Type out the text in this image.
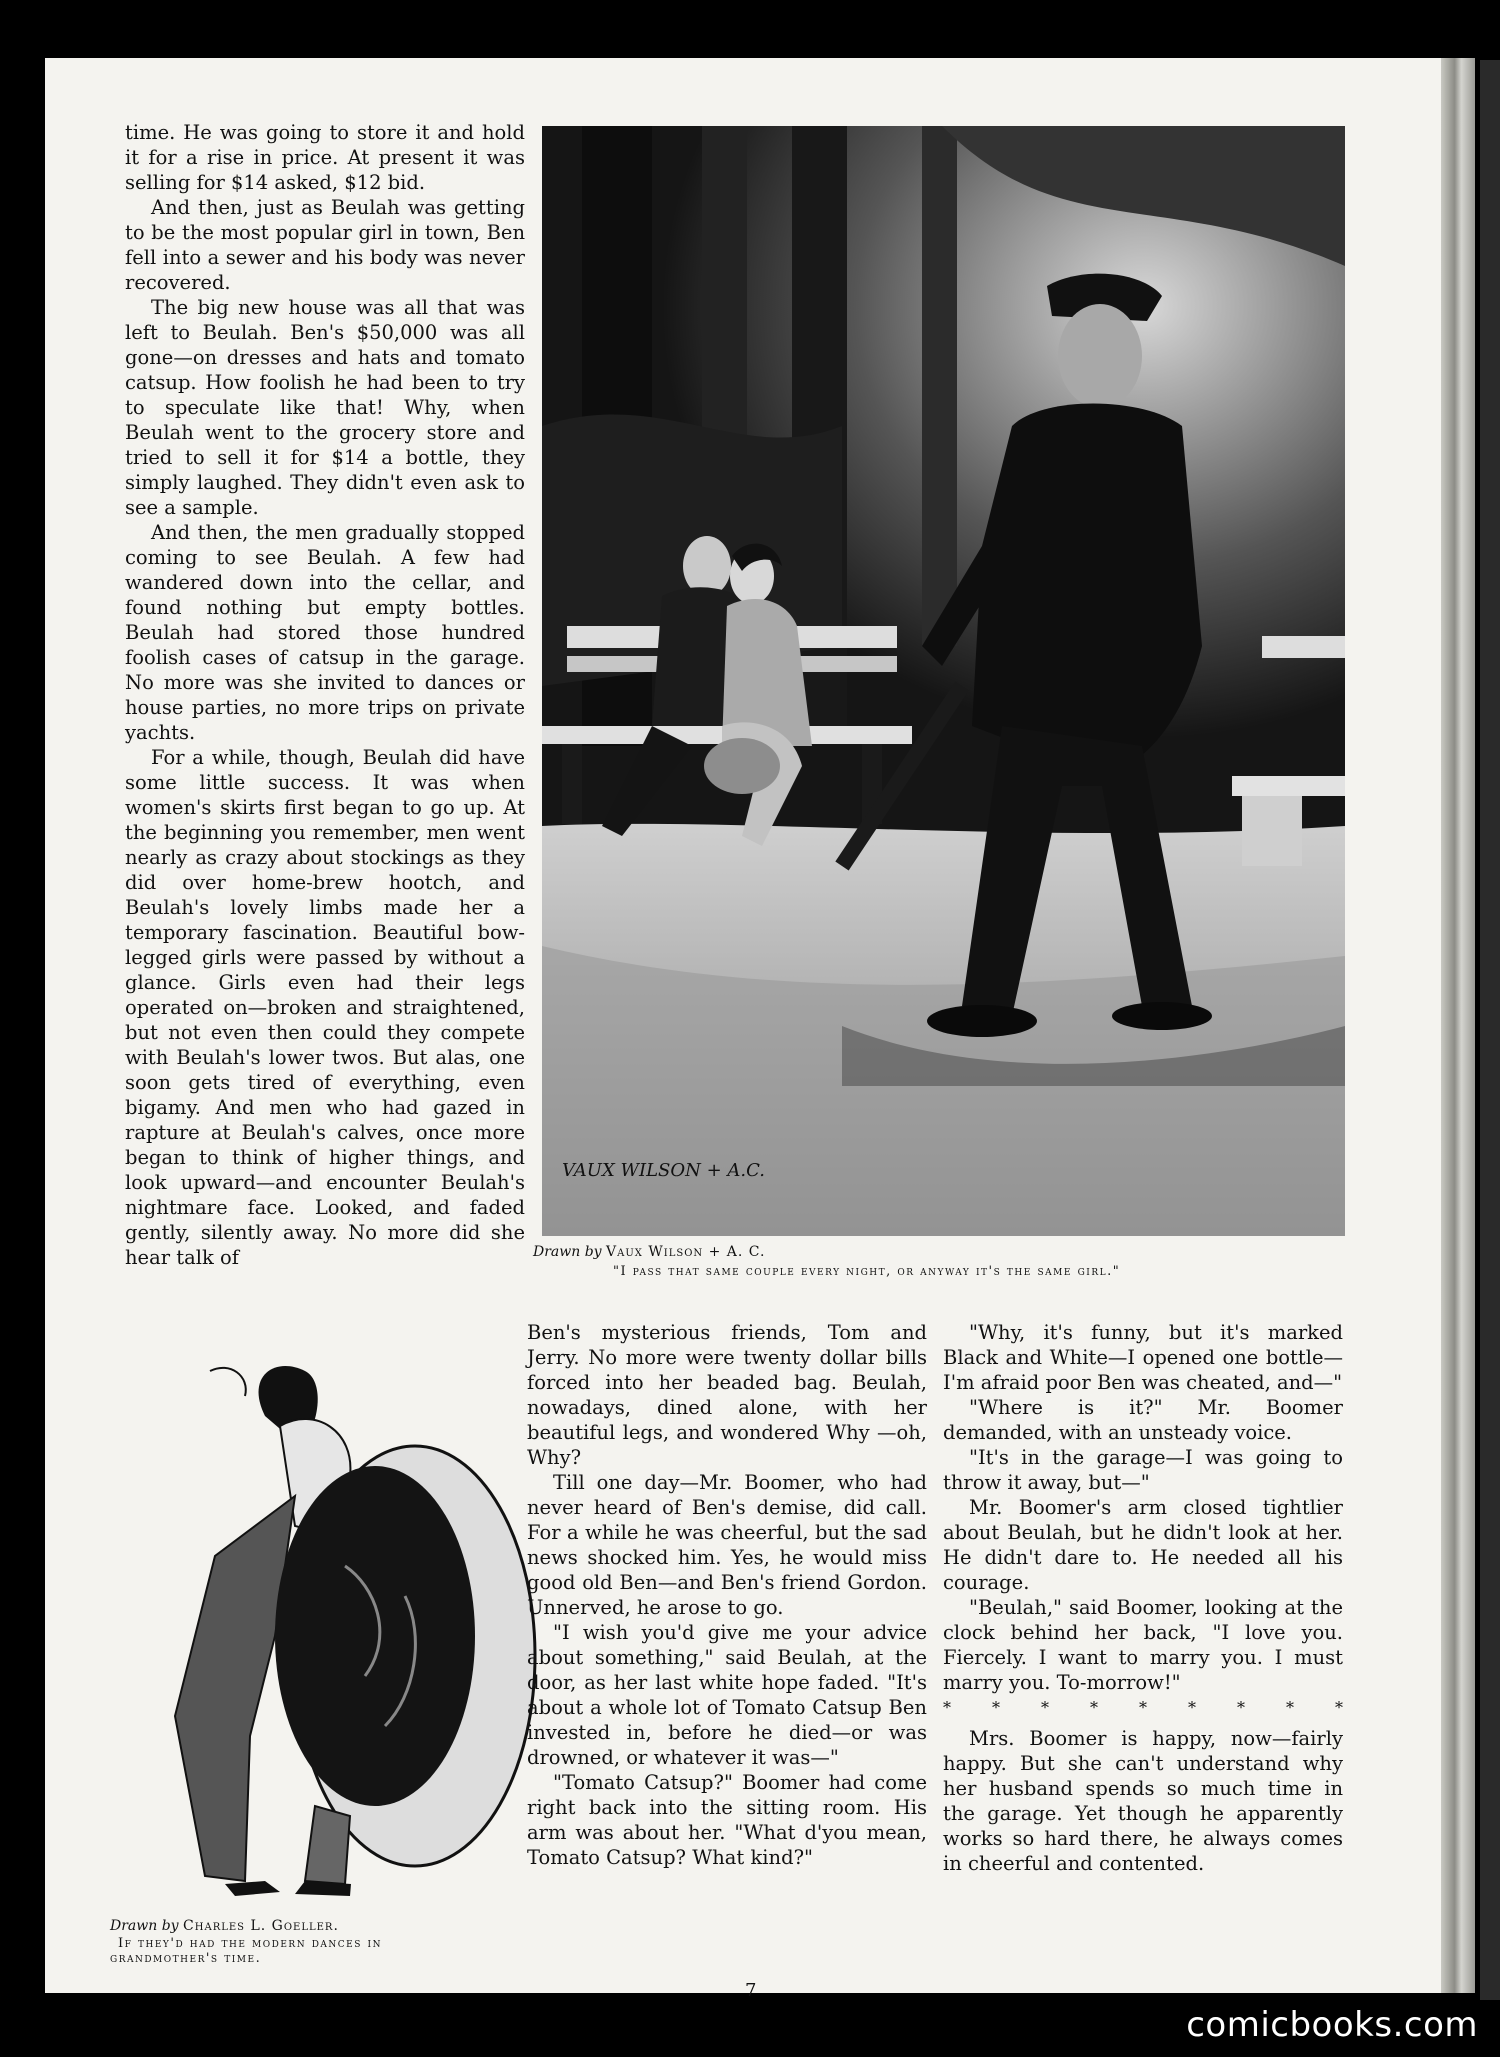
time. He was going to store it and hold it for a rise in price. At present it was selling for $14 asked, $12 bid.

And then, just as Beulah was getting to be the most popular girl in town, Ben fell into a sewer and his body was never recovered.

The big new house was all that was left to Beulah. Ben's $50,000 was all gone—on dresses and hats and tomato catsup. How foolish he had been to try to speculate like that! Why, when Beulah went to the grocery store and tried to sell it for $14 a bottle, they simply laughed. They didn't even ask to see a sample.

And then, the men gradually stopped coming to see Beulah. A few had wandered down into the cellar, and found nothing but empty bottles. Beulah had stored those hundred foolish cases of catsup in the garage. No more was she invited to dances or house parties, no more trips on private yachts.

For a while, though, Beulah did have some little success. It was when women's skirts first began to go up. At the beginning you remember, men went nearly as crazy about stockings as they did over home-brew hootch, and Beulah's lovely limbs made her a temporary fascination. Beautiful bow-legged girls were passed by without a glance. Girls even had their legs operated on—broken and straightened, but not even then could they compete with Beulah's lower twos. But alas, one soon gets tired of everything, even bigamy. And men who had gazed in rapture at Beulah's calves, once more began to think of higher things, and look upward—and encounter Beulah's nightmare face. Looked, and faded gently, silently away. No more did she hear talk of

VAUX WILSON + A.C.
Drawn by Vaux Wilson + A. C.
"I pass that same couple every night, or anyway it's the same girl."
Drawn by Charles L. Goeller.
If they'd had the modern dances in
grandmother's time.

Ben's mysterious friends, Tom and Jerry. No more were twenty dollar bills forced into her beaded bag. Beulah, nowadays, dined alone, with her beautiful legs, and wondered Why —oh, Why?

Till one day—Mr. Boomer, who had never heard of Ben's demise, did call. For a while he was cheerful, but the sad news shocked him. Yes, he would miss good old Ben—and Ben's friend Gordon. Unnerved, he arose to go.

"I wish you'd give me your advice about something," said Beulah, at the door, as her last white hope faded. "It's about a whole lot of Tomato Catsup Ben invested in, before he died—or was drowned, or whatever it was—"

"Tomato Catsup?" Boomer had come right back into the sitting room. His arm was about her. "What d'you mean, Tomato Catsup? What kind?"

"Why, it's funny, but it's marked Black and White—I opened one bottle—I'm afraid poor Ben was cheated, and—"

"Where is it?" Mr. Boomer demanded, with an unsteady voice.

"It's in the garage—I was going to throw it away, but—"

Mr. Boomer's arm closed tightlier about Beulah, but he didn't look at her. He didn't dare to. He needed all his courage.

"Beulah," said Boomer, looking at the clock behind her back, "I love you. Fiercely. I want to marry you. I must marry you. To-morrow!"

*	*	*	*	*	*	*	*	*

Mrs. Boomer is happy, now—fairly happy. But she can't understand why her husband spends so much time in the garage. Yet though he apparently works so hard there, he always comes in cheerful and contented.

7
comicbooks.com
